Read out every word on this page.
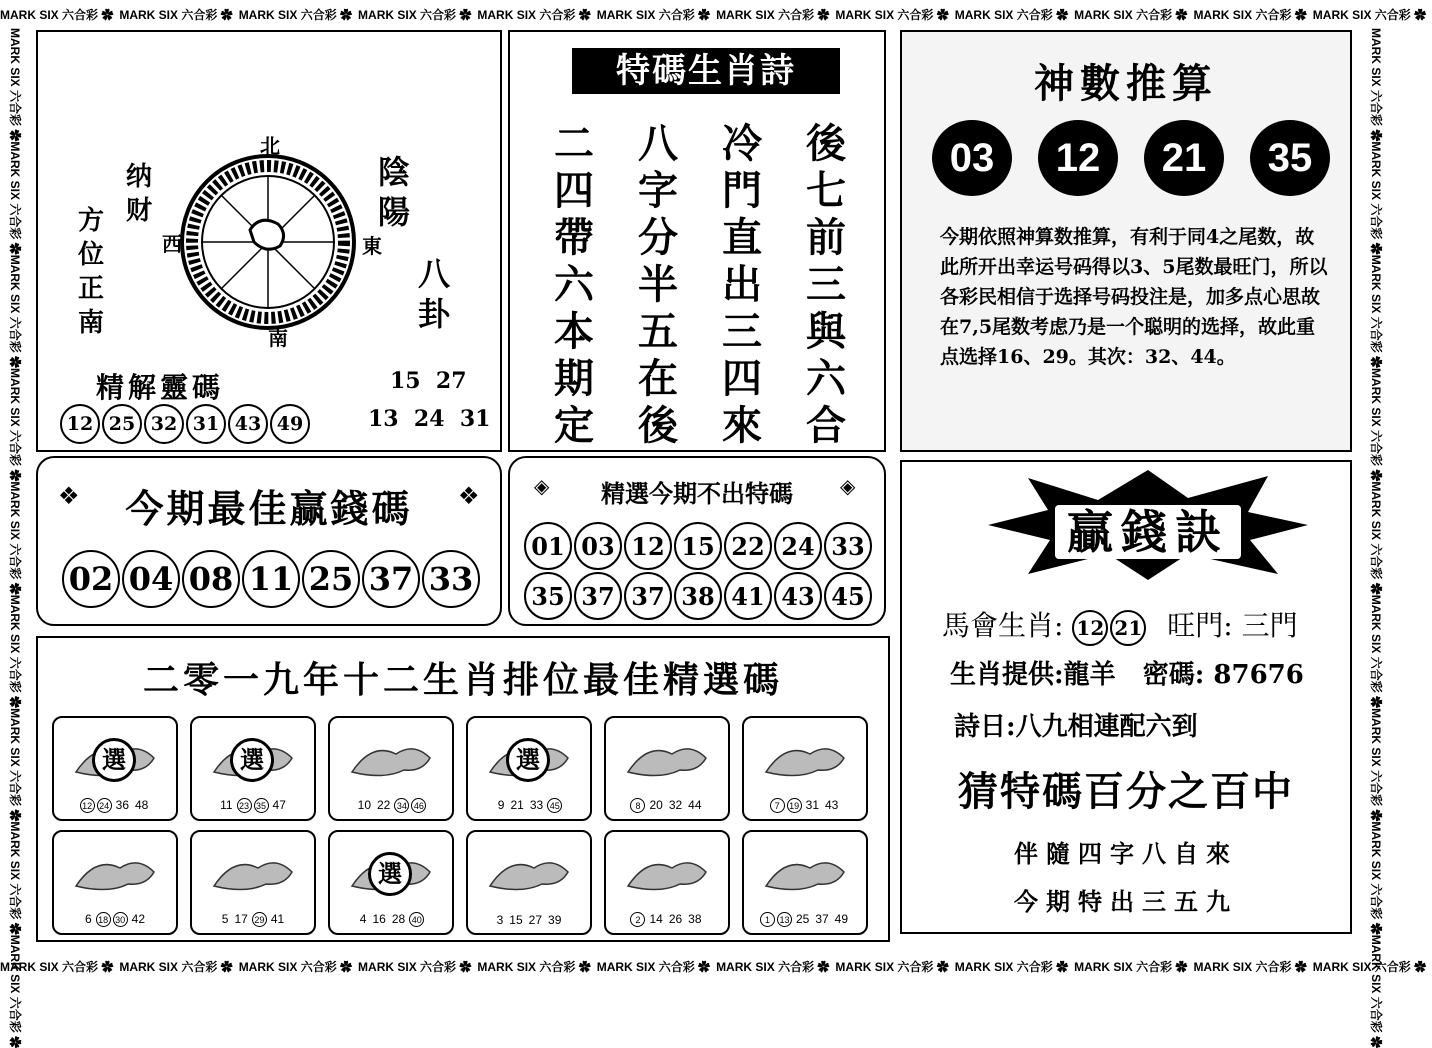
MARK SIX 六合彩 ✿ MARK SIX 六合彩 ✿ MARK SIX 六合彩 ✿ MARK SIX 六合彩 ✿ MARK SIX 六合彩 ✿ MARK SIX 六合彩 ✿ MARK SIX 六合彩 ✿ MARK SIX 六合彩 ✿ MARK SIX 六合彩 ✿ MARK SIX 六合彩 ✿ MARK SIX 六合彩 ✿ MARK SIX 六合彩 ✿
MARK SIX 六合彩 ✿ MARK SIX 六合彩 ✿ MARK SIX 六合彩 ✿ MARK SIX 六合彩 ✿ MARK SIX 六合彩 ✿ MARK SIX 六合彩 ✿ MARK SIX 六合彩 ✿ MARK SIX 六合彩 ✿ MARK SIX 六合彩 ✿ MARK SIX 六合彩 ✿ MARK SIX 六合彩 ✿ MARK SIX 六合彩 ✿
MARK SIX 六合彩 ✿MARK SIX 六合彩 ✿MARK SIX 六合彩 ✿MARK SIX 六合彩 ✿MARK SIX 六合彩 ✿MARK SIX 六合彩 ✿MARK SIX 六合彩 ✿MARK SIX 六合彩 ✿MARK SIX 六合彩 ✿
MARK SIX 六合彩 ✿MARK SIX 六合彩 ✿MARK SIX 六合彩 ✿MARK SIX 六合彩 ✿MARK SIX 六合彩 ✿MARK SIX 六合彩 ✿MARK SIX 六合彩 ✿MARK SIX 六合彩 ✿MARK SIX 六合彩 ✿
北
南
東
西
纳财
方位正南
陰陽
八卦
精解靈碼
12 25 32 31 43 49
15  27
13  24  31
特碼生肖詩
後七前三與六合
冷門直出三四來
八字分半五在後
二四帶六本期定
神數推算
03	12	21	35
今期依照神算数推算，有利于同4之尾数，故此所开出幸运号码得以3、5尾数最旺门，所以各彩民相信于选择号码投注是，加多点心思故在7,5尾数考虑乃是一个聪明的选择，故此重点选择16、29。其次：32、44。
❖	❖
今期最佳赢錢碼
02 04 08 11 25 37 33
◈	◈
精選今期不出特碼
01 03 12 15 22 24 33
35 37 37 38 41 43 45
二零一九年十二生肖排位最佳精選碼
選
12 24 36 48
選
11 23 35 47	10 22 34 46
選
9 21 33 45	8 20 32 44	7 19 31 43
6 18 30 42	5 17 29 41
選
4 16 28 40	3 15 27 39	2 14 26 38	1 13 25 37 49
贏錢訣
馬會生肖: 12 21 旺門: 三門
生肖提供:龍羊   密碼: 87676
詩日:八九相連配六到
猜特碼百分之百中
伴隨四字八自來
今期特出三五九
